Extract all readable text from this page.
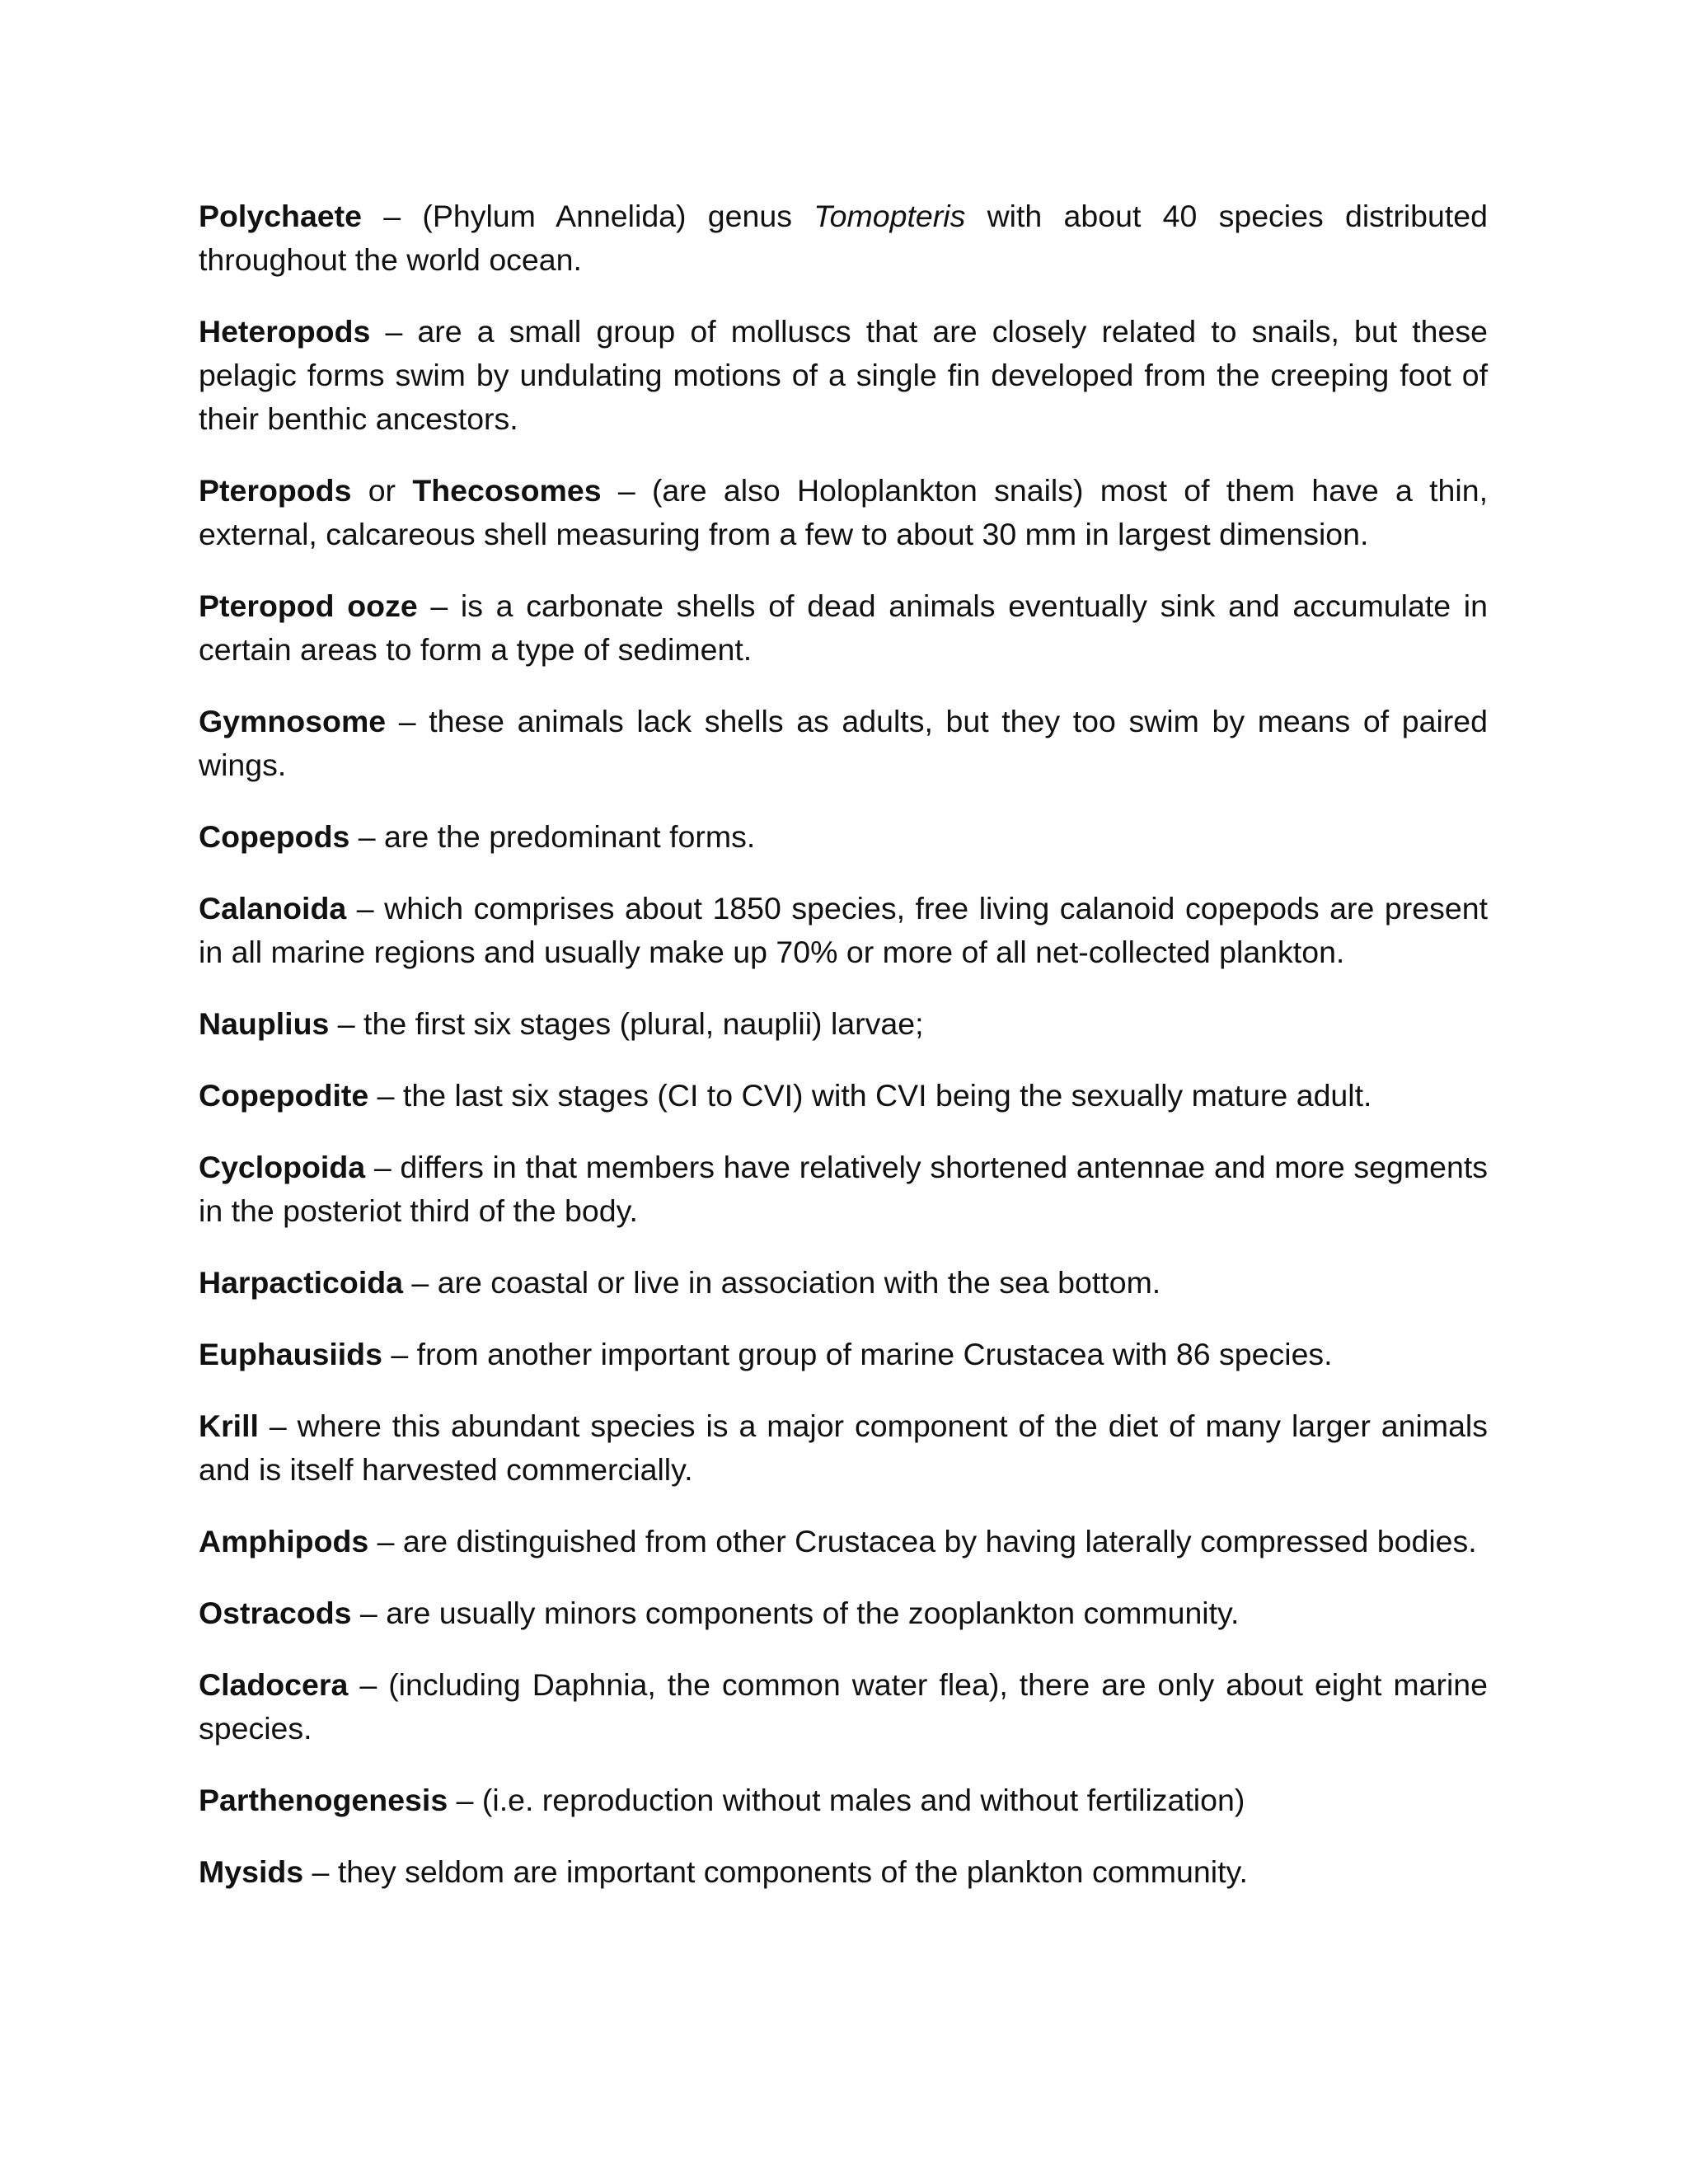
Polychaete – (Phylum Annelida) genus Tomopteris with about 40 species distributed throughout the world ocean.

Heteropods – are a small group of molluscs that are closely related to snails, but these pelagic forms swim by undulating motions of a single fin developed from the creeping foot of their benthic ancestors.

Pteropods or Thecosomes – (are also Holoplankton snails) most of them have a thin, external, calcareous shell measuring from a few to about 30 mm in largest dimension.

Pteropod ooze – is a carbonate shells of dead animals eventually sink and accumulate in certain areas to form a type of sediment.

Gymnosome – these animals lack shells as adults, but they too swim by means of paired wings.

Copepods – are the predominant forms.

Calanoida – which comprises about 1850 species, free living calanoid copepods are present in all marine regions and usually make up 70% or more of all net-collected plankton.

Nauplius – the first six stages (plural, nauplii) larvae;

Copepodite – the last six stages (CI to CVI) with CVI being the sexually mature adult.

Cyclopoida – differs in that members have relatively shortened antennae and more segments in the posteriot third of the body.

Harpacticoida – are coastal or live in association with the sea bottom.

Euphausiids – from another important group of marine Crustacea with 86 species.

Krill – where this abundant species is a major component of the diet of many larger animals and is itself harvested commercially.

Amphipods – are distinguished from other Crustacea by having laterally compressed bodies.

Ostracods – are usually minors components of the zooplankton community.

Cladocera – (including Daphnia, the common water flea), there are only about eight marine species.

Parthenogenesis – (i.e. reproduction without males and without fertilization)

Mysids – they seldom are important components of the plankton community.
